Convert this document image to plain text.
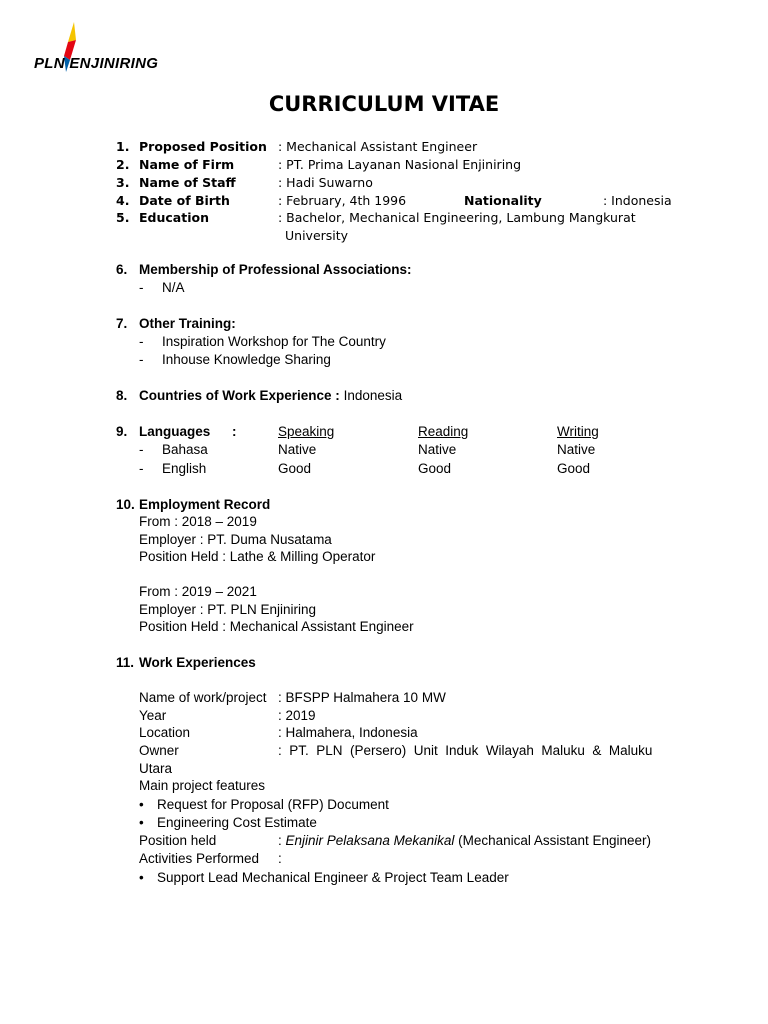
PLN ENJINIRING
CURRICULUM VITAE
1. Proposed Position : Mechanical Assistant Engineer
2. Name of Firm	: PT. Prima Layanan Nasional Enjiniring
3. Name of Staff	: Hadi Suwarno
4. Date of Birth	: February, 4th 1996	Nationality	: Indonesia
5. Education	: Bachelor, Mechanical Engineering, Lambung Mangkurat
University
6. Membership of Professional Associations:
- N/A
7. Other Training:
- Inspiration Workshop for The Country
- Inhouse Knowledge Sharing
8. Countries of Work Experience : Indonesia
9. Languages :	Speaking	Reading	Writing
- Bahasa	Native	Native	Native
- English	Good	Good	Good
10. Employment Record
From : 2018 – 2019
Employer : PT. Duma Nusatama
Position Held : Lathe & Milling Operator
From : 2019 – 2021
Employer : PT. PLN Enjiniring
Position Held : Mechanical Assistant Engineer
11. Work Experiences
Name of work/project : BFSPP Halmahera 10 MW
Year	: 2019
Location	: Halmahera, Indonesia
Owner	:  PT.  PLN  (Persero)  Unit  Induk  Wilayah  Maluku  &  Maluku
Utara
Main project features
• Request for Proposal (RFP) Document
• Engineering Cost Estimate
Position held	: Enjinir Pelaksana Mekanikal (Mechanical Assistant Engineer)
Activities Performed :
• Support Lead Mechanical Engineer & Project Team Leader
